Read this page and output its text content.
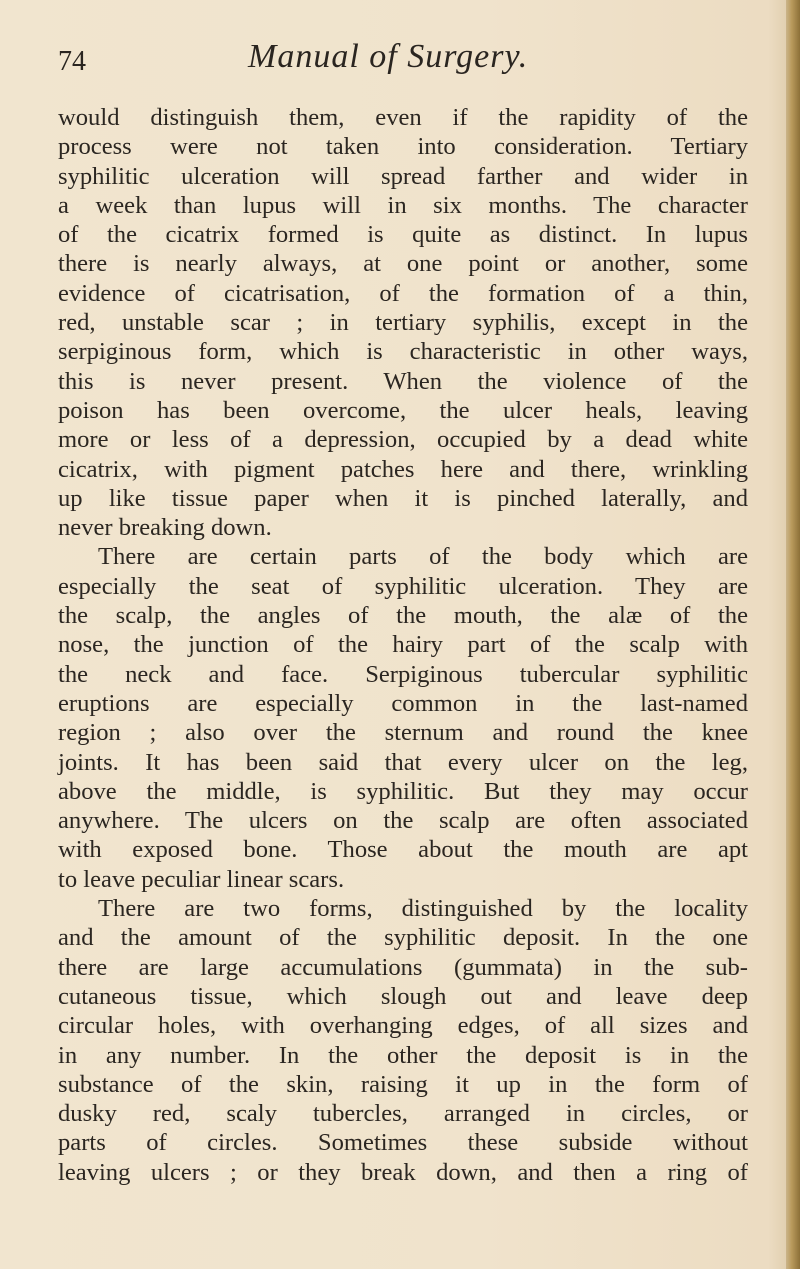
74	Manual of Surgery.
would distinguish them, even if the rapidity of the
process were not taken into consideration. Tertiary
syphilitic ulceration will spread farther and wider in
a week than lupus will in six months. The character
of the cicatrix formed is quite as distinct. In lupus
there is nearly always, at one point or another, some
evidence of cicatrisation, of the formation of a thin,
red, unstable scar ; in tertiary syphilis, except in the
serpiginous form, which is characteristic in other ways,
this is never present. When the violence of the
poison has been overcome, the ulcer heals, leaving
more or less of a depression, occupied by a dead white
cicatrix, with pigment patches here and there, wrinkling
up like tissue paper when it is pinched laterally, and
never breaking down.
There are certain parts of the body which are
especially the seat of syphilitic ulceration. They are
the scalp, the angles of the mouth, the alæ of the
nose, the junction of the hairy part of the scalp with
the neck and face. Serpiginous tubercular syphilitic
eruptions are especially common in the last-named
region ; also over the sternum and round the knee
joints. It has been said that every ulcer on the leg,
above the middle, is syphilitic. But they may occur
anywhere. The ulcers on the scalp are often associated
with exposed bone. Those about the mouth are apt
to leave peculiar linear scars.
There are two forms, distinguished by the locality
and the amount of the syphilitic deposit. In the one
there are large accumulations (gummata) in the sub-
cutaneous tissue, which slough out and leave deep
circular holes, with overhanging edges, of all sizes and
in any number. In the other the deposit is in the
substance of the skin, raising it up in the form of
dusky red, scaly tubercles, arranged in circles, or
parts of circles. Sometimes these subside without
leaving ulcers ; or they break down, and then a ring of
